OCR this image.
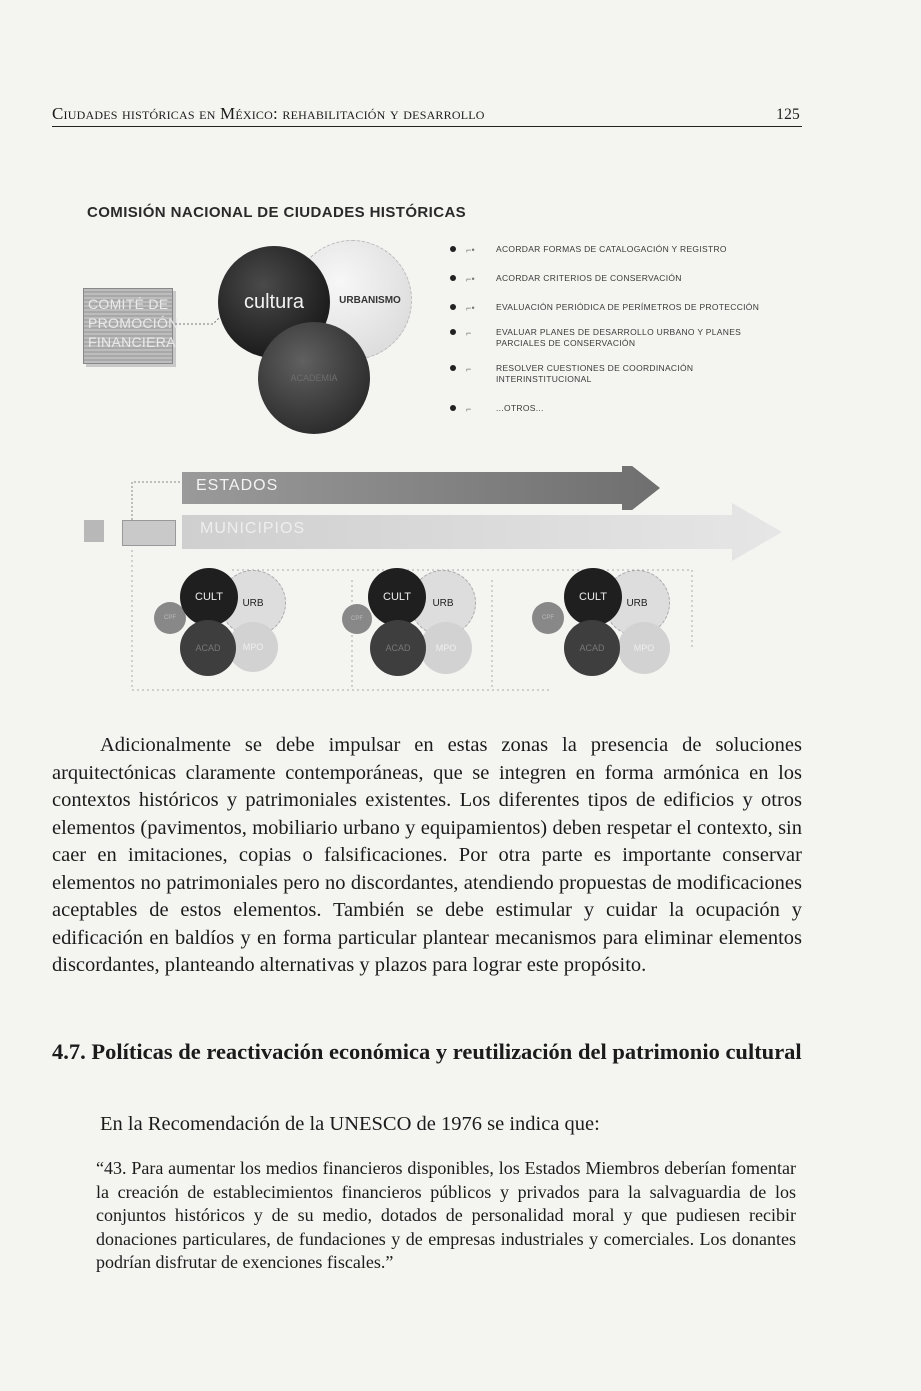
Ciudades históricas en México: rehabilitación y desarrollo	125
COMISIÓN NACIONAL DE CIUDADES HISTÓRICAS
COMITÉ DE
PROMOCIÓN
FINANCIERA
URBANISMO
cultura
ACADEMIA
⌐• ACORDAR FORMAS DE CATALOGACIÓN Y REGISTRO
⌐• ACORDAR CRITERIOS DE CONSERVACIÓN
⌐• EVALUACIÓN PERIÓDICA DE PERÍMETROS DE PROTECCIÓN
⌐	EVALUAR PLANES DE DESARROLLO URBANO Y PLANES PARCIALES DE CONSERVACIÓN
⌐	RESOLVER CUESTIONES DE COORDINACIÓN INTERINSTITUCIONAL
⌐	...OTROS...
MUNICIPIOS
ESTADOS
CPF
URB
CULT
MPO
ACAD
CPF
URB
CULT
MPO
ACAD
CPF
URB
CULT
MPO
ACAD

Adicionalmente se debe impulsar en estas zonas la presencia de soluciones arquitectónicas claramente contemporáneas, que se integren en forma armónica en los contextos históricos y patrimoniales existentes. Los diferentes tipos de edificios y otros elementos (pavimentos, mobiliario urbano y equipamientos) deben respetar el contexto, sin caer en imitaciones, copias o falsificaciones. Por otra parte es importante conservar elementos no patrimoniales pero no discordantes, atendiendo propuestas de modificaciones aceptables de estos elementos. También se debe estimular y cuidar la ocupación y edificación en baldíos y en forma particular plantear mecanismos para eliminar elementos discordantes, planteando alternativas y plazos para lograr este propósito.

4.7. Políticas de reactivación económica y reutilización del patrimonio cultural

En la Recomendación de la UNESCO de 1976 se indica que:

“43. Para aumentar los medios financieros disponibles, los Estados Miembros deberían fomentar la creación de establecimientos financieros públicos y privados para la salvaguardia de los conjuntos históricos y de su medio, dotados de personalidad moral y que pudiesen recibir donaciones particulares, de fundaciones y de empresas industriales y comerciales. Los donantes podrían disfrutar de exenciones fiscales.”
